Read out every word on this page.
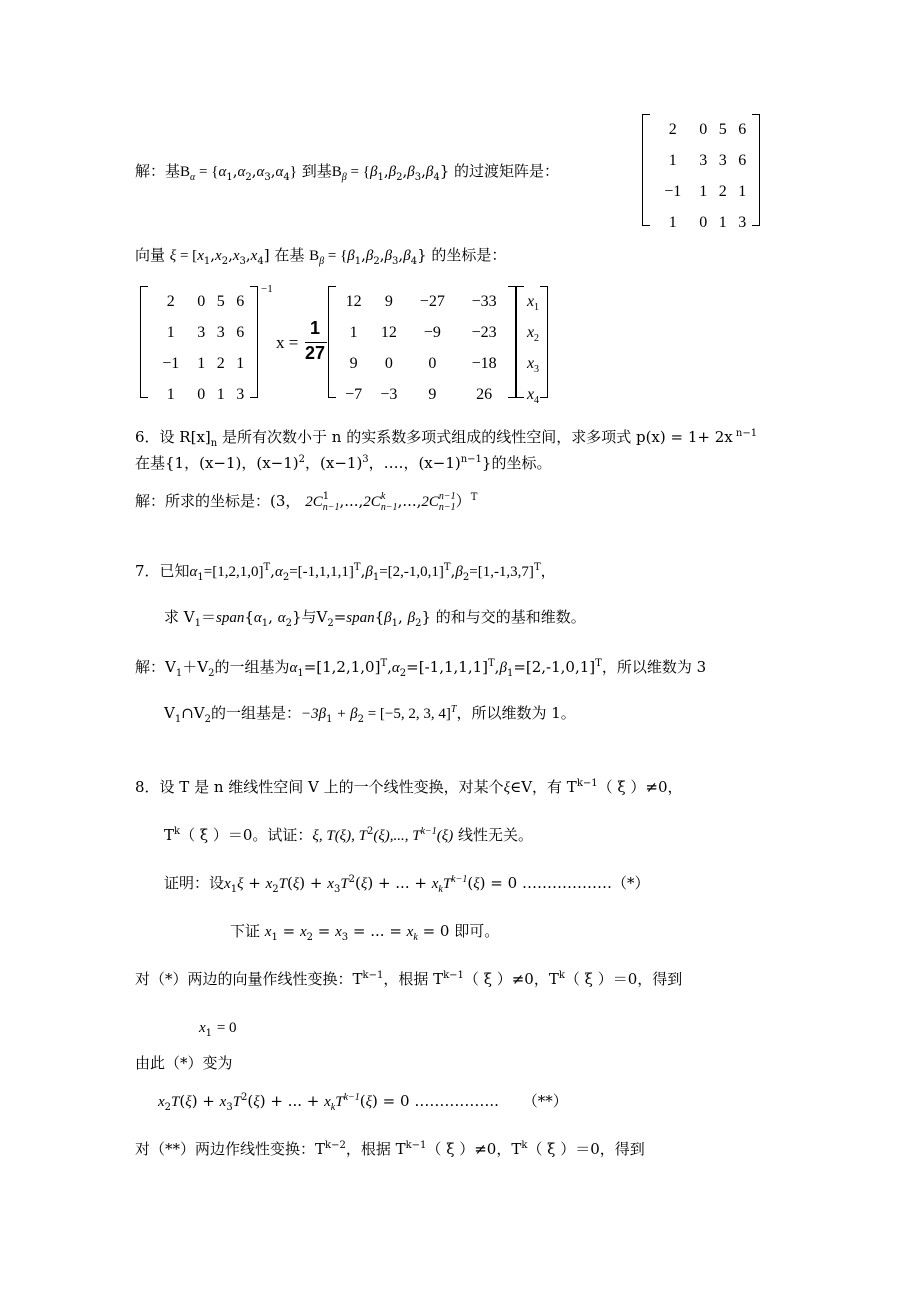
解：基$B_\alpha = \{\alpha_1,\alpha_2,\alpha_3,\alpha_4\}$ 到基$B_\beta = \{\beta_1,\beta_2,\beta_3,\beta_4\}$ 的过渡矩阵是：
2	0	5	6
1	3	3	6
−1	1	2	1
1	0	1	3
向量 $\xi = [x_1,x_2,x_3,x_4]$ 在基 $B_\beta = \{\beta_1,\beta_2,\beta_3,\beta_4\}$ 的坐标是：
2	0	5	6
1	3	3	6
−1	1	2	1
1	0	1	3
−1
x =
1
27
12	9	−27	−33
1	12	−9	−23
9	0	0	−18
−7	−3	9	26
$x_1$
$x_2$
$x_3$
$x_4$
6．设 $R[x]_n$ 是所有次数小于 n 的实系数多项式组成的线性空间，求多项式 p(x) = 1+ 2x $^{n-1}$
在基{1，(x−1)，$(x-1)^2$，$(x-1)^3$，….，$(x-1)^{n-1}$}的坐标。
解：所求的坐标是：(3， 2C 1
n−1 ,...,2C k
n−1 ,...,2C n−1
n−1 ）$^T$
7．已知$\alpha_1=[1,2,1,0]^T,\alpha_2=[-1,1,1,1]^T,\beta_1=[2,-1,0,1]^T,\beta_2=[1,-1,3,7]^T$，
求 $V_1=span\{\alpha_1$, $\alpha_2$}与$V_2=span\{\beta_1$, $\beta_2$} 的和与交的基和维数。
解：$V_1+V_2$的一组基为$\alpha_1=[1,2,1,0]^T,\alpha_2=[-1,1,1,1]^T,\beta_1=[2,-1,0,1]^T$，所以维数为 3
$V_1\cap V_2$的一组基是：$-3\beta_1 + \beta_2 = [-5$, 2, 3, 4]$^T$，所以维数为 1。
8．设 T 是 n 维线性空间 V 上的一个线性变换，对某个ξ∈V，有 $T^{k-1}$（ ξ ）≠0，
$T^k$（ ξ ）＝0。试证：ξ, T(ξ), $T^2(\xi)$,..., $T^{k-1}(\xi)$ 线性无关。
证明：设$x_1\xi + x_2T(\xi) + x_3T^2(\xi)$ + ... + $x_kT^{k-1}(\xi) = 0$ ………………（*）
下证 $x_1 = x_2 = x_3$ = ... = $x_k = 0$ 即可。
对（*）两边的向量作线性变换：$T^{k-1}$，根据 $T^{k-1}$（ ξ ）≠0，$T^k$（ ξ ）＝0，得到
$x_1 = 0$
由此（*）变为
$x_2T(\xi) + x_3T^2(\xi)$ + ... + $x_kT^{k-1}(\xi) = 0$ …………….. （**）
对（**）两边作线性变换：$T^{k-2}$，根据 $T^{k-1}$（ ξ ）≠0，$T^k$（ ξ ）＝0，得到
